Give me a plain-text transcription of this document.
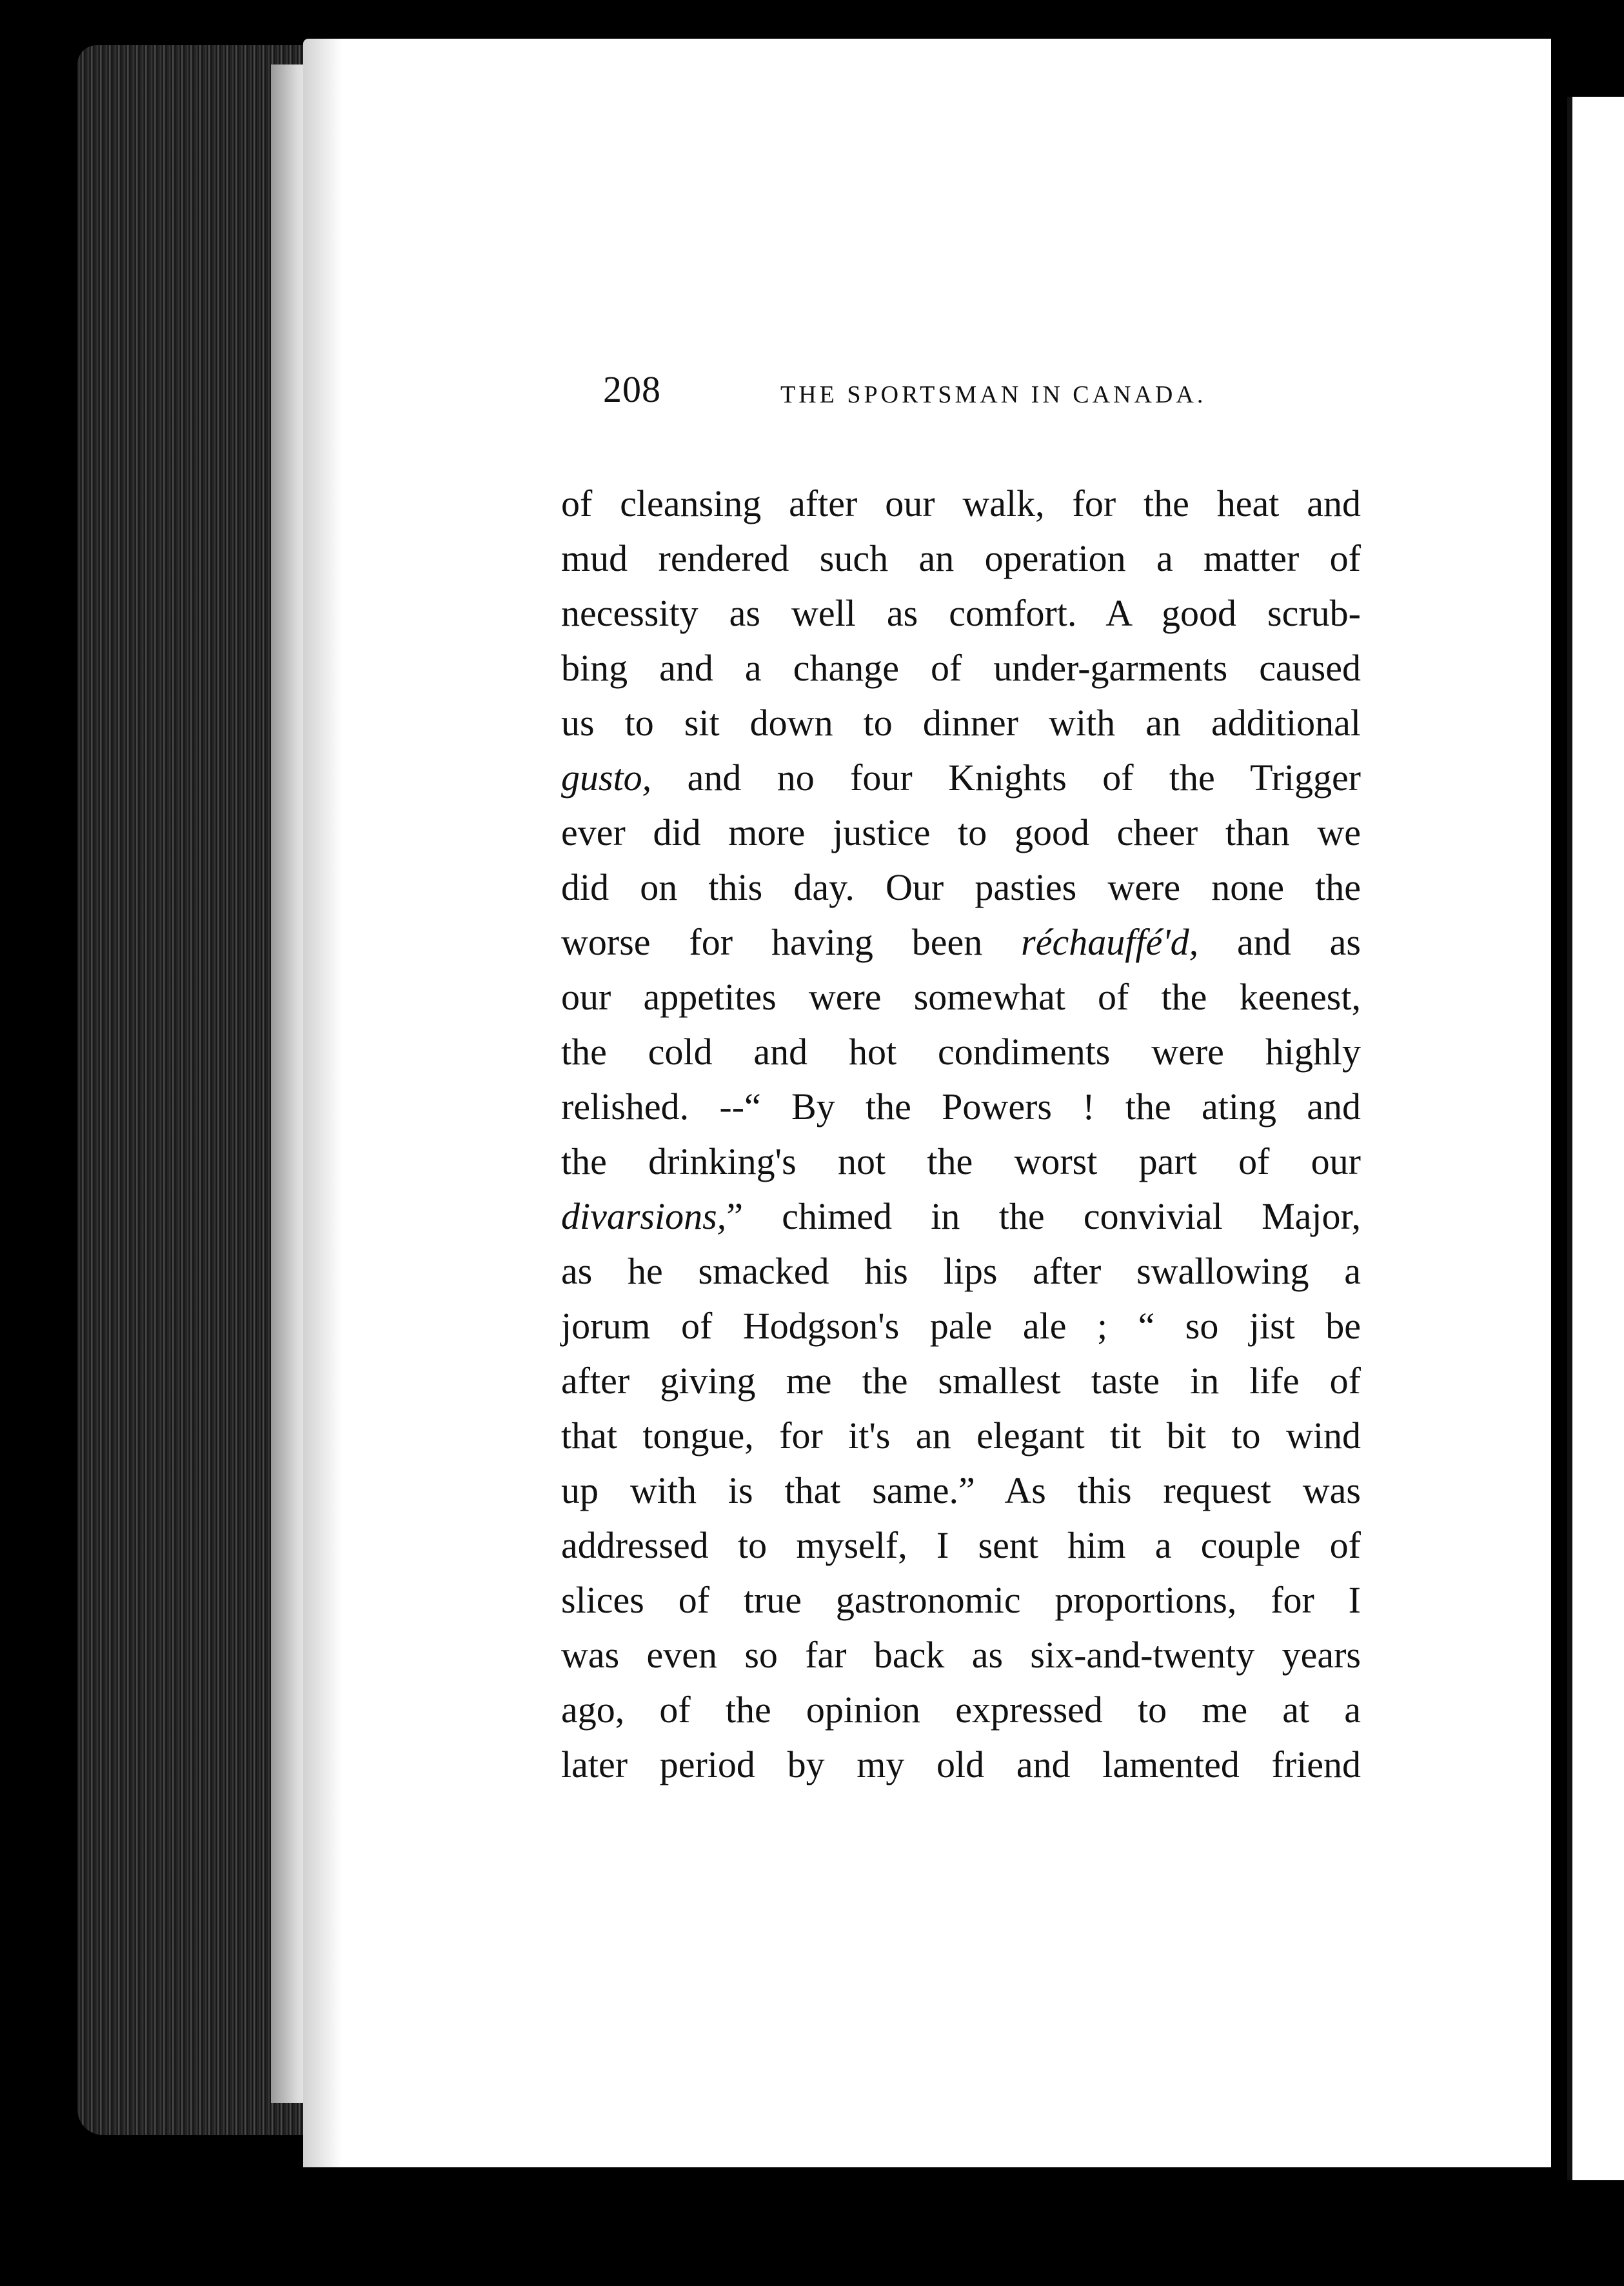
208	THE SPORTSMAN IN CANADA.
of cleansing after our walk, for the heat and
mud rendered such an operation a matter of
necessity as well as comfort. A good scrub-
bing and a change of under-garments caused
us to sit down to dinner with an additional
gusto, and no four Knights of the Trigger
ever did more justice to good cheer than we
did on this day. Our pasties were none the
worse for having been réchauffé'd, and as
our appetites were somewhat of the keenest,
the cold and hot condiments were highly
relished. --“ By the Powers ! the ating and
the drinking's not the worst part of our
divarsions,” chimed in the convivial Major,
as he smacked his lips after swallowing a
jorum of Hodgson's pale ale ; “ so jist be
after giving me the smallest taste in life of
that tongue, for it's an elegant tit bit to wind
up with is that same.” As this request was
addressed to myself, I sent him a couple of
slices of true gastronomic proportions, for I
was even so far back as six-and-twenty years
ago, of the opinion expressed to me at a
later period by my old and lamented friend
